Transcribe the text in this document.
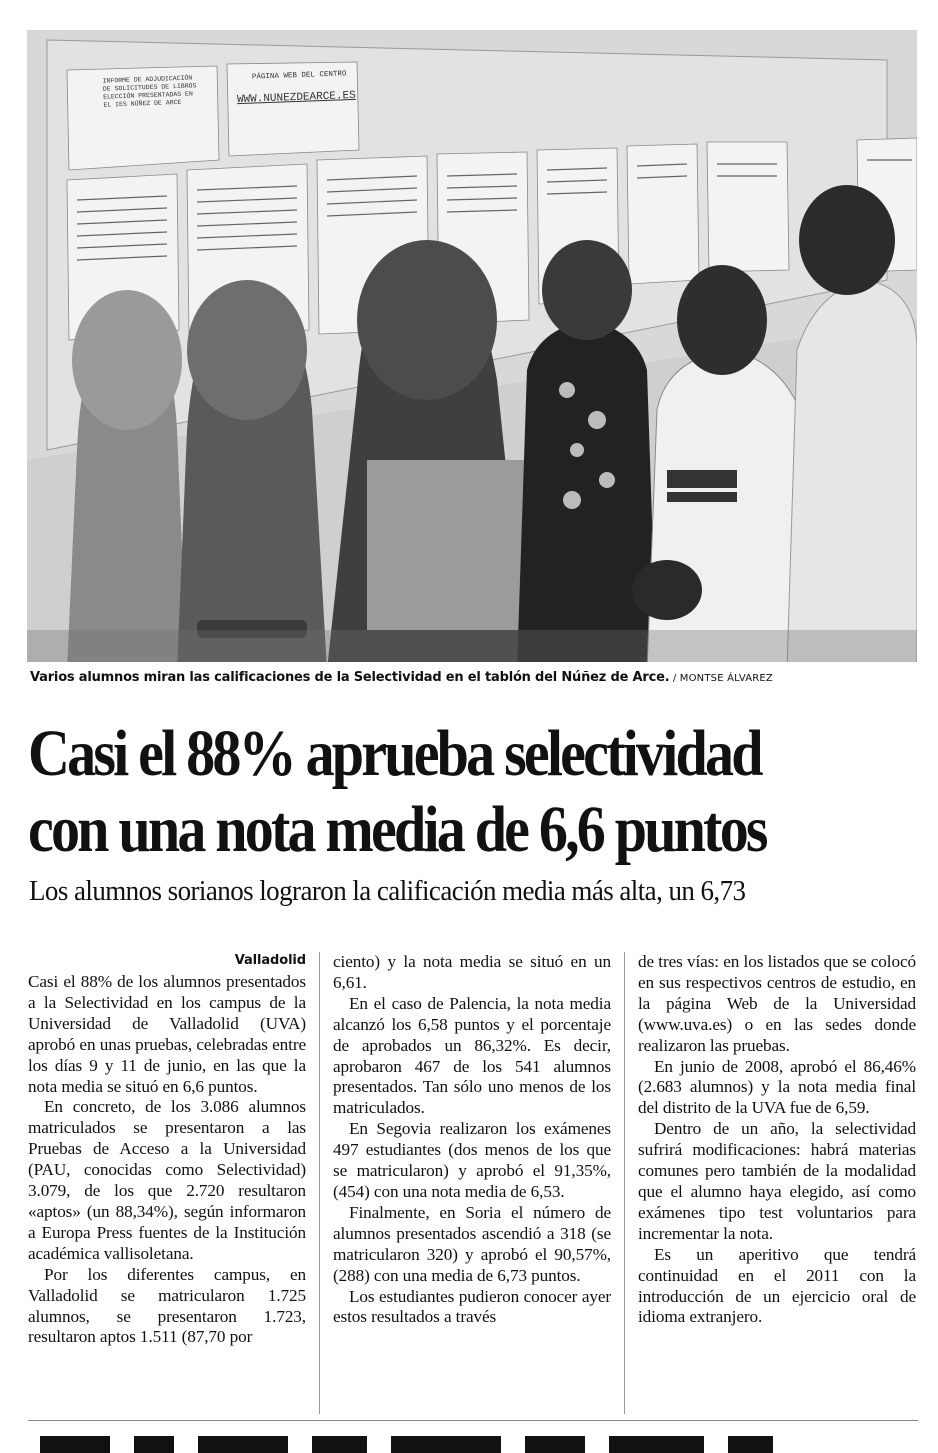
INFORME DE ADJUDICACIÓN
DE SOLICITUDES DE LIBROS
ELECCIÓN PRESENTADAS EN
EL IES NÚÑEZ DE ARCE
PÁGINA WEB DEL CENTRO
WWW.NUNEZDEARCE.ES
Varios alumnos miran las calificaciones de la Selectividad en el tablón del Núñez de Arce. / MONTSE ÁLVAREZ
Casi el 88% aprueba selectividad
con una nota media de 6,6 puntos
Los alumnos sorianos lograron la calificación media más alta, un 6,73
Valladolid

Casi el 88% de los alumnos presentados a la Selectividad en los campus de la Universidad de Valladolid (UVA) aprobó en unas pruebas, celebradas entre los días 9 y 11 de junio, en las que la nota media se situó en 6,6 puntos.

En concreto, de los 3.086 alumnos matriculados se presentaron a las Pruebas de Acceso a la Universidad (PAU, conocidas como Selectividad) 3.079, de los que 2.720 resultaron «aptos» (un 88,34%), según informaron a Europa Press fuentes de la Institución académica vallisoletana.

Por los diferentes campus, en Valladolid se matricularon 1.725 alumnos, se presentaron 1.723, resultaron aptos 1.511 (87,70 por

ciento) y la nota media se situó en un 6,61.

En el caso de Palencia, la nota media alcanzó los 6,58 puntos y el porcentaje de aprobados un 86,32%. Es decir, aprobaron 467 de los 541 alumnos presentados. Tan sólo uno menos de los matriculados.

En Segovia realizaron los exámenes 497 estudiantes (dos menos de los que se matricularon) y aprobó el 91,35%, (454) con una nota media de 6,53.

Finalmente, en Soria el número de alumnos presentados ascendió a 318 (se matricularon 320) y aprobó el 90,57%, (288) con una media de 6,73 puntos.

Los estudiantes pudieron conocer ayer estos resultados a través

de tres vías: en los listados que se colocó en sus respectivos centros de estudio, en la página Web de la Universidad (www.uva.es) o en las sedes donde realizaron las pruebas.

En junio de 2008, aprobó el 86,46% (2.683 alumnos) y la nota media final del distrito de la UVA fue de 6,59.

Dentro de un año, la selectividad sufrirá modificaciones: habrá materias comunes pero también de la modalidad que el alumno haya elegido, así como exámenes tipo test voluntarios para incrementar la nota.

Es un aperitivo que tendrá continuidad en el 2011 con la introducción de un ejercicio oral de idioma extranjero.
